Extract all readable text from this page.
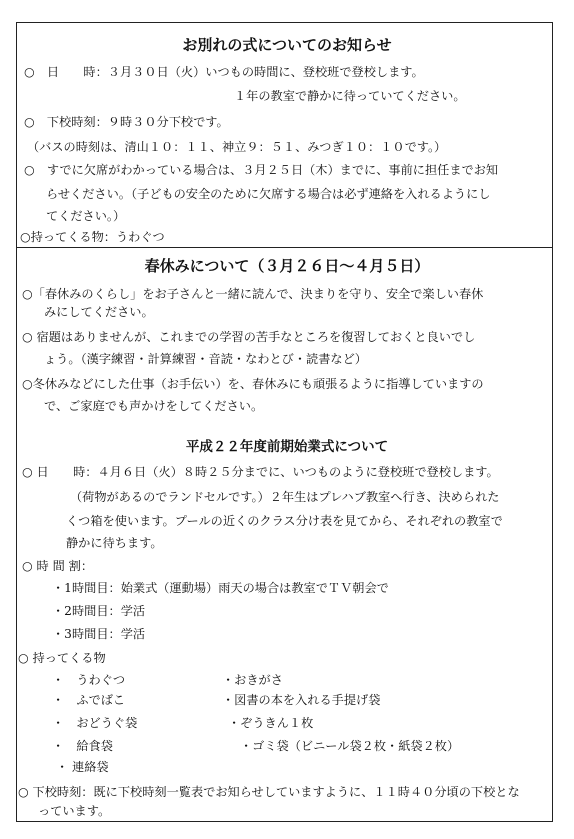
お別れの式についてのお知らせ
○　日　　時：３月３０日（火）いつもの時間に、登校班で登校します。
１年の教室で静かに待っていてください。
○　下校時刻：９時３０分下校です。
（バスの時刻は、清山１０：１１、神立９：５１、みつぎ１０：１０です。）
○　すでに欠席がわかっている場合は、３月２５日（木）までに、事前に担任までお知
らせください。（子どもの安全のために欠席する場合は必ず連絡を入れるようにし
てください。）
○持ってくる物：うわぐつ
春休みについて（３月２６日～４月５日）
○「春休みのくらし」をお子さんと一緒に読んで、決まりを守り、安全で楽しい春休
みにしてください。
○ 宿題はありませんが、これまでの学習の苦手なところを復習しておくと良いでし
ょう。（漢字練習・計算練習・音読・なわとび・読書など）
○冬休みなどにした仕事（お手伝い）を、春休みにも頑張るように指導していますの
で、ご家庭でも声かけをしてください。
平成２２年度前期始業式について
○ 日　　時：４月６日（火）８時２５分までに、いつものように登校班で登校します。
（荷物があるのでランドセルです。）２年生はプレハブ教室へ行き、決められた
くつ箱を使います。プールの近くのクラス分け表を見てから、それぞれの教室で
静かに待ちます。
○ 時 間 割：
・1時間目：始業式（運動場）雨天の場合は教室でＴＶ朝会で
・2時間目：学活
・3時間目：学活
○ 持ってくる物
・　うわぐつ
・　ふでばこ
・　おどうぐ袋
・　給食袋
・ 連絡袋
・おきがさ
・図書の本を入れる手提げ袋
・ぞうきん１枚
・ゴミ袋（ビニール袋２枚・紙袋２枚）
○ 下校時刻：既に下校時刻一覧表でお知らせしていますように、１１時４０分頃の下校とな
っています。
